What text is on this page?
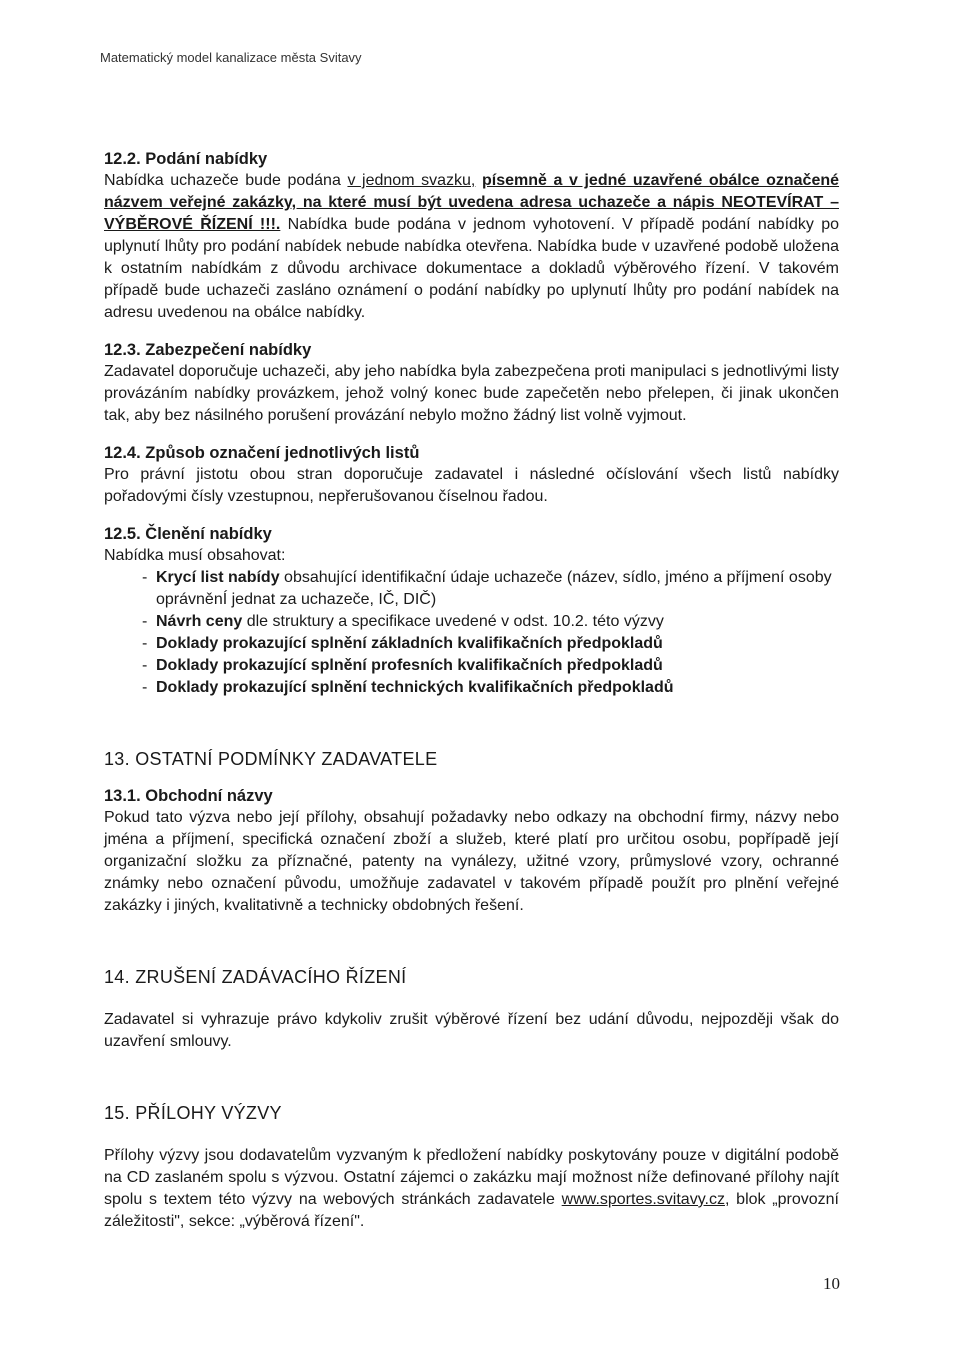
Matematický model kanalizace města Svitavy
12.2. Podání nabídky

Nabídka uchazeče bude podána v jednom svazku, písemně a v jedné uzavřené obálce označené názvem veřejné zakázky, na které musí být uvedena adresa uchazeče a nápis NEOTEVÍRAT – VÝBĚROVÉ ŘÍZENÍ !!!. Nabídka bude podána v jednom vyhotovení. V případě podání nabídky po uplynutí lhůty pro podání nabídek nebude nabídka otevřena. Nabídka bude v uzavřené podobě uložena k ostatním nabídkám z důvodu archivace dokumentace a dokladů výběrového řízení. V takovém případě bude uchazeči zasláno oznámení o podání nabídky po uplynutí lhůty pro podání nabídek na adresu uvedenou na obálce nabídky.

12.3. Zabezpečení nabídky

Zadavatel doporučuje uchazeči, aby jeho nabídka byla zabezpečena proti manipulaci s jednotlivými listy provázáním nabídky provázkem, jehož volný konec bude zapečetěn nebo přelepen, či jinak ukončen tak, aby bez násilného porušení provázání nebylo možno žádný list volně vyjmout.

12.4. Způsob označení jednotlivých listů

Pro právní jistotu obou stran doporučuje zadavatel i následné očíslování všech listů nabídky pořadovými čísly vzestupnou, nepřerušovanou číselnou řadou.

12.5. Členění nabídky

Nabídka musí obsahovat:

- Krycí list nabídy obsahující identifikační údaje uchazeče (název, sídlo, jméno a příjmení osoby oprávněnÍ jednat za uchazeče, IČ, DIČ)
- Návrh ceny dle struktury a specifikace uvedené v odst. 10.2. této výzvy
- Doklady prokazující splnění základních kvalifikačních předpokladů
- Doklady prokazující splnění profesních kvalifikačních předpokladů
- Doklady prokazující splnění technických kvalifikačních předpokladů
13. OSTATNÍ PODMÍNKY ZADAVATELE
13.1. Obchodní názvy

Pokud tato výzva nebo její přílohy, obsahují požadavky nebo odkazy na obchodní firmy, názvy nebo jména a příjmení, specifická označení zboží a služeb, které platí pro určitou osobu, popřípadě její organizační složku za příznačné, patenty na vynálezy, užitné vzory, průmyslové vzory, ochranné známky nebo označení původu, umožňuje zadavatel v takovém případě použít pro plnění veřejné zakázky i jiných, kvalitativně a technicky obdobných řešení.

14. ZRUŠENÍ ZADÁVACÍHO ŘÍZENÍ

Zadavatel si vyhrazuje právo kdykoliv zrušit výběrové řízení bez udání důvodu, nejpozději však do uzavření smlouvy.

15. PŘÍLOHY VÝZVY

Přílohy výzvy jsou dodavatelům vyzvaným k předložení nabídky poskytovány pouze v digitální podobě na CD zaslaném spolu s výzvou. Ostatní zájemci o zakázku mají možnost níže definované přílohy najít spolu s textem této výzvy na webových stránkách zadavatele www.sportes.svitavy.cz, blok „provozní záležitosti", sekce: „výběrová řízení".

10
